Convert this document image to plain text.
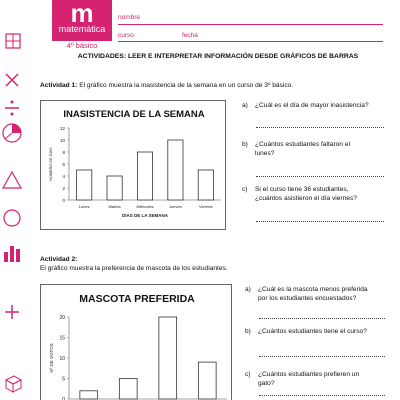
m
matemática
4º básico
nombre
curso	fecha
ACTIVIDADES: LEER E INTERPRETAR INFORMACIÓN DESDE GRÁFICOS DE BARRAS
Actividad 1: El gráfico muestra la inasistencia de la semana en un curso de 3º básico.
INASISTENCIA DE LA SEMANA
0
2
4
6
8
10
12
NÚMERO DE DÍAS
Lunes	Martes	Miércoles	Jueves	Viernes
DÍAS DE LA SEMANA
a) ¿Cuál es el día de mayor inasistencia?
b) ¿Cuántos estudiantes faltaron el
lunes?
c) Si el curso tiene 36 estudiantes,
¿cuántos asistieron el día viernes?
Actividad 2:
El gráfico muestra la preferencia de mascota de los estudiantes.
MASCOTA PREFERIDA
0
5
10
15
20
Nº DE VOTOS
a) ¿Cuál es la mascota menos preferida
por los estudiantes encuestados?
b) ¿Cuántos estudiantes tiene el curso?
c) ¿Cuántos estudiantes prefieren un
gato?
